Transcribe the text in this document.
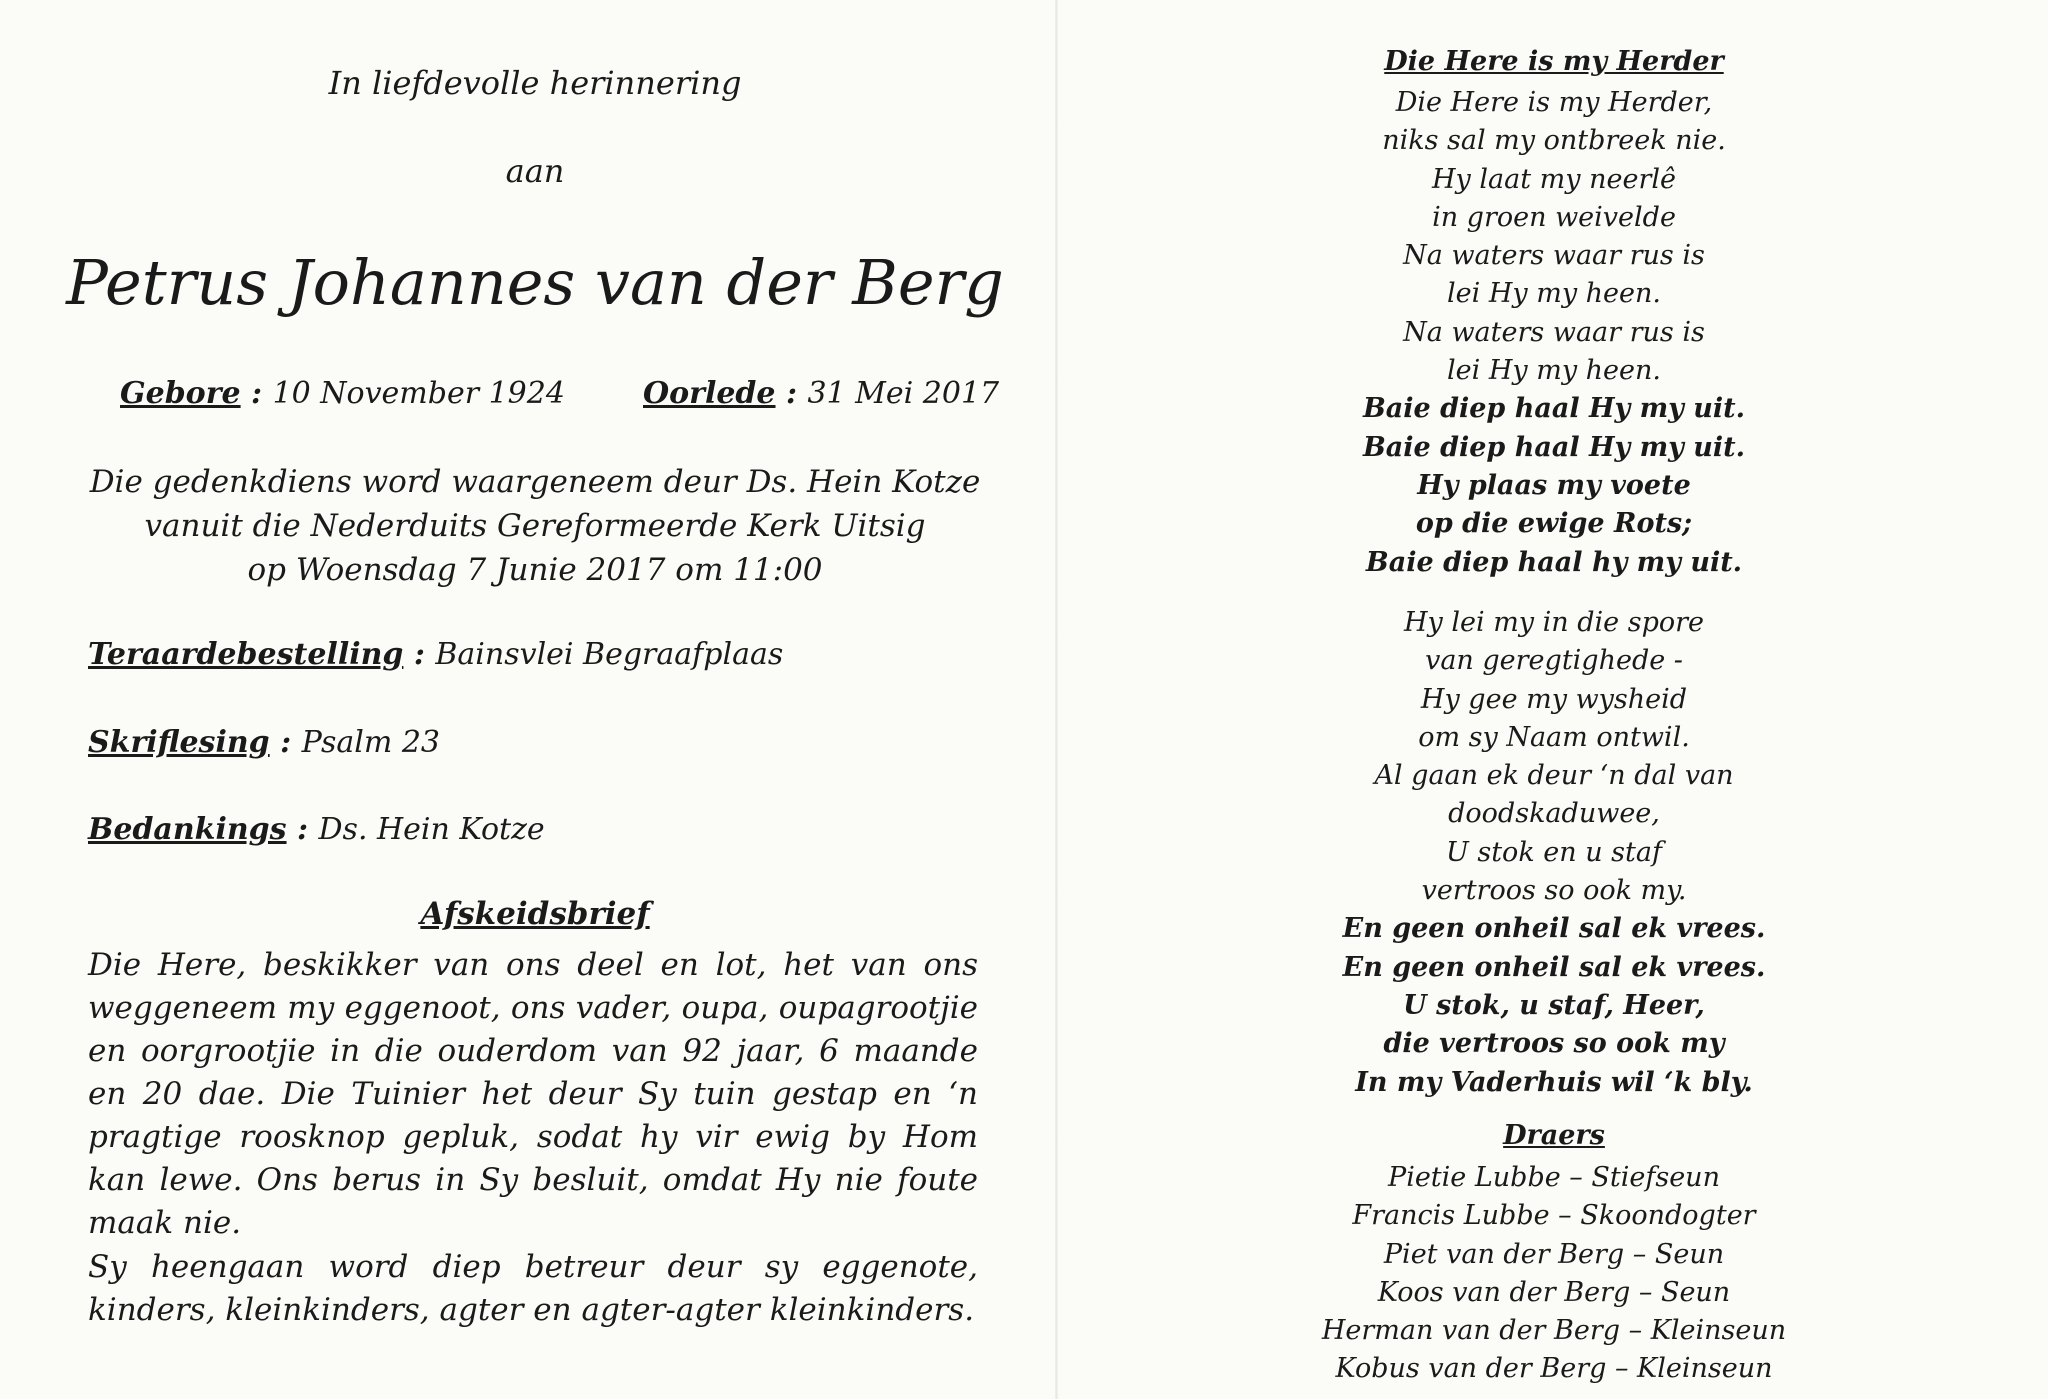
In liefdevolle herinnering
aan
Petrus Johannes van der Berg
Gebore : 10 November 1924	Oorlede : 31 Mei 2017
Die gedenkdiens word waargeneem deur Ds. Hein Kotze
vanuit die Nederduits Gereformeerde Kerk Uitsig
op Woensdag 7 Junie 2017 om 11:00
Teraardebestelling : Bainsvlei Begraafplaas
Skriflesing : Psalm 23
Bedankings : Ds. Hein Kotze
Afskeidsbrief
Die Here, beskikker van ons deel en lot, het van ons weggeneem my eggenoot, ons vader, oupa, oupagrootjie en oorgrootjie in die ouderdom van 92 jaar, 6 maande en 20 dae. Die Tuinier het deur Sy tuin gestap en ‘n pragtige roosknop gepluk, sodat hy vir ewig by Hom kan lewe. Ons berus in Sy besluit, omdat Hy nie foute maak nie.
Sy heengaan word diep betreur deur sy eggenote, kinders, kleinkinders, agter en agter-agter kleinkinders.
Die Here is my Herder
Die Here is my Herder,
niks sal my ontbreek nie.
Hy laat my neerlê
in groen weivelde
Na waters waar rus is
lei Hy my heen.
Na waters waar rus is
lei Hy my heen.
Baie diep haal Hy my uit.
Baie diep haal Hy my uit.
Hy plaas my voete
op die ewige Rots;
Baie diep haal hy my uit.
Hy lei my in die spore
van geregtighede -
Hy gee my wysheid
om sy Naam ontwil.
Al gaan ek deur ‘n dal van
doodskaduwee,
U stok en u staf
vertroos so ook my.
En geen onheil sal ek vrees.
En geen onheil sal ek vrees.
U stok, u staf, Heer,
die vertroos so ook my
In my Vaderhuis wil ‘k bly.
Draers
Pietie Lubbe – Stiefseun
Francis Lubbe – Skoondogter
Piet van der Berg – Seun
Koos van der Berg – Seun
Herman van der Berg – Kleinseun
Kobus van der Berg – Kleinseun
